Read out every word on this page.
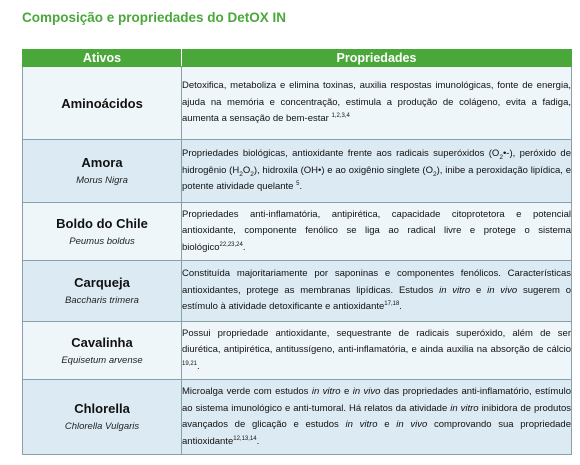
Composição e propriedades do DetOX IN
Ativos	Propriedades

Aminoácidos	Detoxifica, metaboliza e elimina toxinas, auxilia respostas imunológicas, fonte de energia, ajuda na memória e concentração, estimula a produção de colágeno, evita a fadiga, aumenta a sensação de bem-estar $^{1,2,3,4}$

Amora
Morus Nigra	Propriedades biológicas, antioxidante frente aos radicais superóxidos $(O_2•-)$, peróxido de hidrogênio $(H_2O_2)$, hidroxila (OH•) e ao oxigênio singlete $(O_2)$, inibe a peroxidação lipídica, e potente atividade quelante $^5$.

Boldo do Chile
Peumus boldus	Propriedades anti-inflamatória, antipirética, capacidade citoprotetora e potencial antioxidante, componente fenólico se liga ao radical livre e protege o sistema biológico$^{22,23,24}$.

Carqueja
Baccharis trimera	Constituída majoritariamente por saponinas e componentes fenólicos. Características antioxidantes, protege as membranas lipídicas. Estudos in vitro e in vivo sugerem o estímulo à atividade detoxificante e antioxidante$^{17,18}$.

Cavalinha
Equisetum arvense	Possui propriedade antioxidante, sequestrante de radicais superóxido, além de ser diurética, antipirética, antitussígeno, anti-inflamatória, e ainda auxilia na absorção de cálcio $^{19,21}$.

Chlorella
Chlorella Vulgaris	Microalga verde com estudos in vitro e in vivo das propriedades anti-inflamatório, estímulo ao sistema imunológico e anti-tumoral. Há relatos da atividade in vitro inibidora de produtos avançados de glicação e estudos in vitro e in vivo comprovando sua propriedade antioxidante$^{12,13,14}$.
